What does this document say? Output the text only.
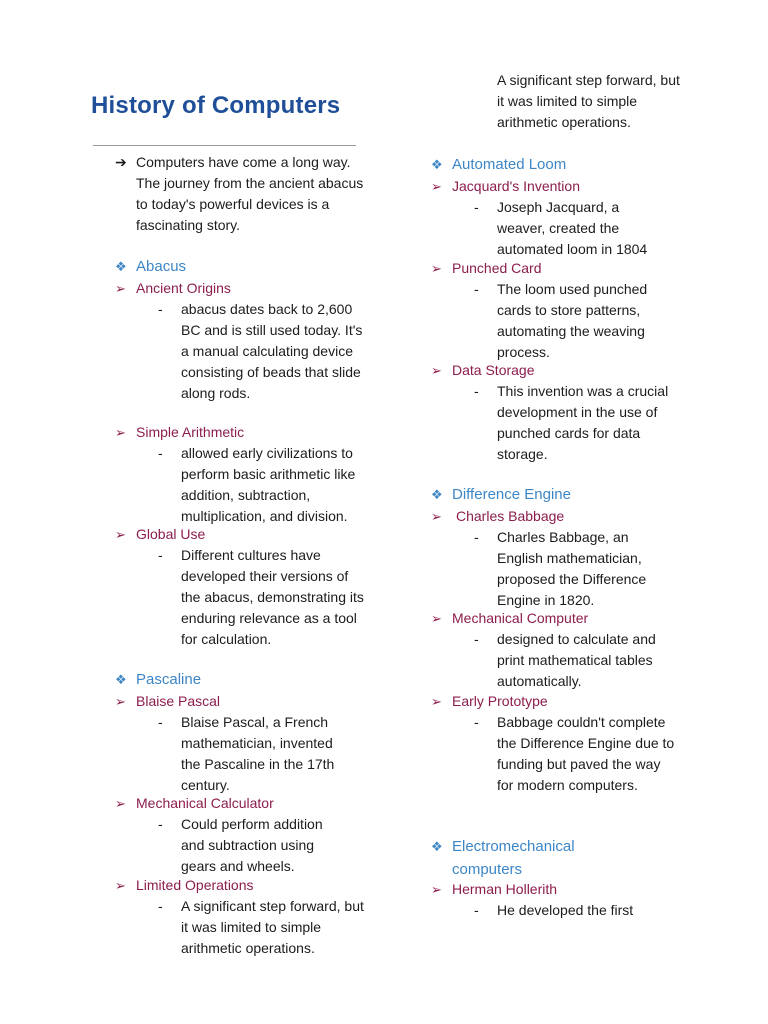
History of Computers
➔ Computers have come a long way. The journey from the ancient abacus to today's powerful devices is a fascinating story.
❖ Abacus
➢ Ancient Origins
- abacus dates back to 2,600 BC and is still used today. It's a manual calculating device consisting of beads that slide along rods.
➢ Simple Arithmetic
- allowed early civilizations to perform basic arithmetic like addition, subtraction, multiplication, and division.
➢ Global Use
- Different cultures have developed their versions of the abacus, demonstrating its enduring relevance as a tool for calculation.
❖ Pascaline
➢ Blaise Pascal
- Blaise Pascal, a French mathematician, invented the Pascaline in the 17th century.
➢ Mechanical Calculator
- Could perform addition and subtraction using gears and wheels.
➢ Limited Operations
- A significant step forward, but it was limited to simple arithmetic operations.
A significant step forward, but it was limited to simple arithmetic operations.
❖ Automated Loom
➢ Jacquard's Invention
- Joseph Jacquard, a weaver, created the automated loom in 1804
➢ Punched Card
- The loom used punched cards to store patterns, automating the weaving process.
➢ Data Storage
- This invention was a crucial development in the use of punched cards for data storage.
❖ Difference Engine
➢ Charles Babbage
- Charles Babbage, an English mathematician, proposed the Difference Engine in 1820.
➢ Mechanical Computer
- designed to calculate and print mathematical tables automatically.
➢ Early Prototype
- Babbage couldn't complete the Difference Engine due to funding but paved the way for modern computers.
❖ Electromechanical computers
➢ Herman Hollerith
- He developed the first
